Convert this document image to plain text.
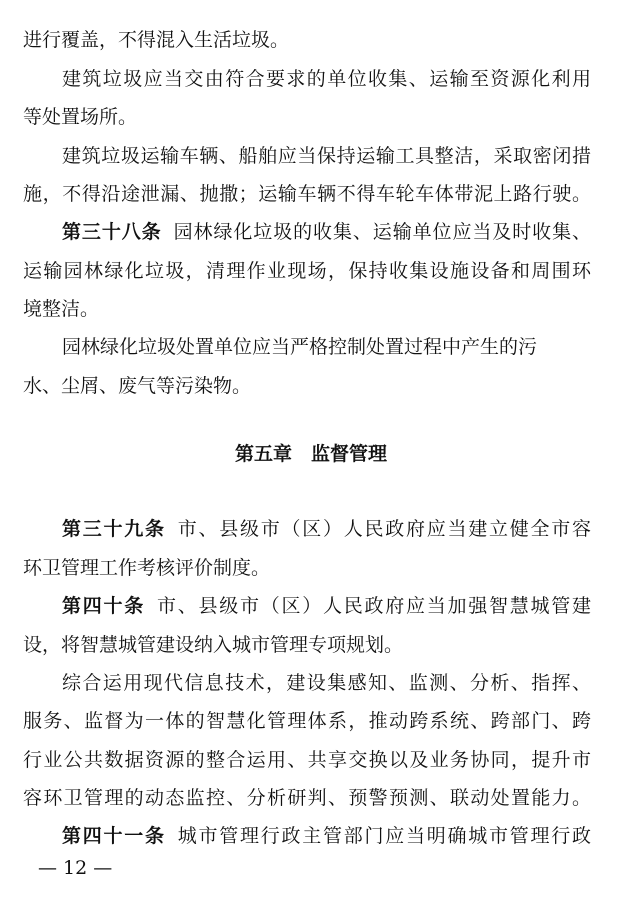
进行覆盖，不得混入生活垃圾。
建筑垃圾应当交由符合要求的单位收集、运输至资源化利用
等处置场所。
建筑垃圾运输车辆、船舶应当保持运输工具整洁，采取密闭措
施，不得沿途泄漏、抛撒；运输车辆不得车轮车体带泥上路行驶。
第三十八条 园林绿化垃圾的收集、运输单位应当及时收集、
运输园林绿化垃圾，清理作业现场，保持收集设施设备和周围环
境整洁。
园林绿化垃圾处置单位应当严格控制处置过程中产生的污
水、尘屑、废气等污染物。
第五章　监督管理
第三十九条 市、县级市（区）人民政府应当建立健全市容
环卫管理工作考核评价制度。
第四十条 市、县级市（区）人民政府应当加强智慧城管建
设，将智慧城管建设纳入城市管理专项规划。
综合运用现代信息技术，建设集感知、监测、分析、指挥、
服务、监督为一体的智慧化管理体系，推动跨系统、跨部门、跨
行业公共数据资源的整合运用、共享交换以及业务协同，提升市
容环卫管理的动态监控、分析研判、预警预测、联动处置能力。
第四十一条 城市管理行政主管部门应当明确城市管理行政
— 12 —
